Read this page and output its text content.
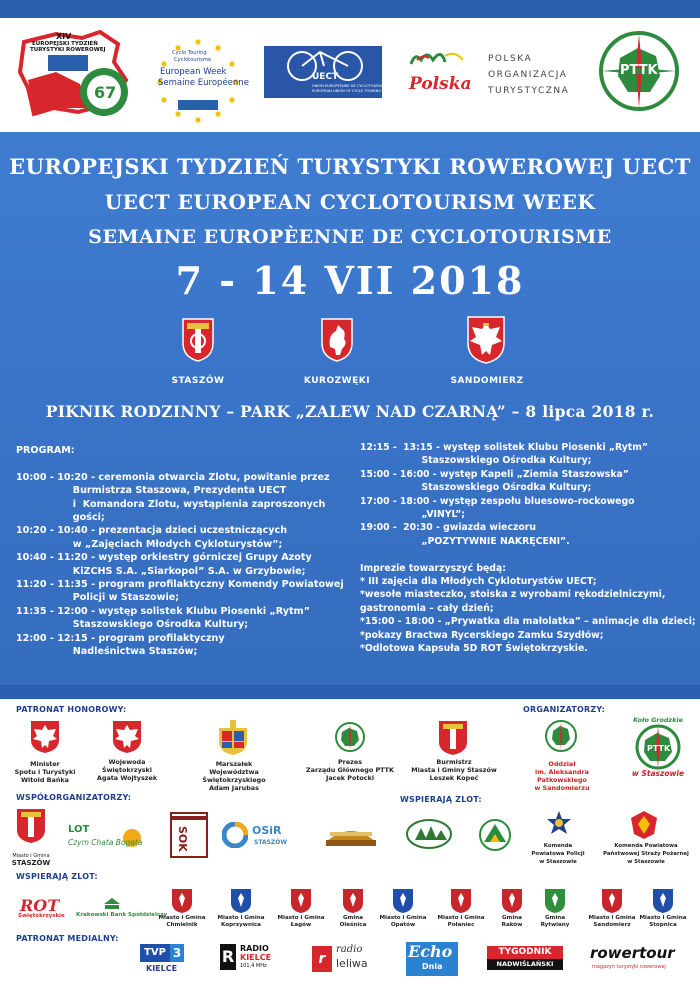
XIV
EUROPEJSKI TYDZIEŃ
TURYSTYKI ROWEROWEJ
67
Cyclo Touring
Cyclotourisme
European Week
Semaine Européenne
UECT
UNION EUROPÉENNE DE CYCLOTOURISME
EUROPEAN UNION OF CYCLE TOURING Polska
POLSKA
ORGANIZACJA
TURYSTYCZNA
PTTK
EUROPEJSKI TYDZIEŃ TURYSTYKI ROWEROWEJ UECT
UECT EUROPEAN CYCLOTOURISM WEEK
SEMAINE EUROPÈENNE DE CYCLOTOURISME
7 - 14 VII 2018
STASZÓW	KUROZWĘKI	SANDOMIERZ
PIKNIK RODZINNY – PARK „ZALEW NAD CZARNĄ” – 8 lipca 2018 r.
PROGRAM:
10:00 - 10:20 - ceremonia otwarcia Zlotu, powitanie przez
Burmistrza Staszowa, Prezydenta UECT
i  Komandora Zlotu, wystąpienia zaproszonych
gości;
10:20 - 10:40 - prezentacja dzieci uczestniczących
w „Zajęciach Młodych Cykloturystów”;
10:40 - 11:20 - występ orkiestry górniczej Grupy Azoty
KiZCHS S.A. „Siarkopol” S.A. w Grzybowie;
11:20 - 11:35 - program profilaktyczny Komendy Powiatowej
Policji w Staszowie;
11:35 - 12:00 - występ solistek Klubu Piosenki „Rytm”
Staszowskiego Ośrodka Kultury;
12:00 - 12:15 - program profilaktyczny
Nadleśnictwa Staszów;
12:15 -  13:15 - występ solistek Klubu Piosenki „Rytm”
Staszowskiego Ośrodka Kultury;
15:00 - 16:00 - występ Kapeli „Ziemia Staszowska”
Staszowskiego Ośrodka Kultury;
17:00 - 18:00 - występ zespołu bluesowo-rockowego
„VINYL”;
19:00 -  20:30 - gwiazda wieczoru
„POZYTYWNIE NAKRĘCENI”.
Imprezie towarzyszyć będą:
* III zajęcia dla Młodych Cykloturystów UECT;
*wesołe miasteczko, stoiska z wyrobami rękodzielniczymi,
gastronomia – cały dzień;
*15:00 - 18:00 - „Prywatka dla małolatka” – animacje dla dzieci;
*pokazy Bractwa Rycerskiego Zamku Szydłów;
*Odlotowa Kapsuła 5D ROT Świętokrzyskie.
PATRONAT HONOROWY:	ORGANIZATORZY:
Minister
Spotu i Turystyki
Witold Bańka
Wojewoda
Świętokrzyski
Agata Wojtyszek
Marszałek
Województwa Świętokrzyskiego
Adam Jarubas
Prezes
Zarządu Głównego PTTK
Jacek Potocki
Burmistrz
Miasta i Gminy Staszów
Leszek Kopeć
Oddział
im. Aleksandra Patkowskiego
w Sandomierzu
Koło Grodzkie
PTTK
w Staszowie
WSPÓŁORGANIZATORZY:	WSPIERAJĄ ZLOT:
Miasto i Gmina
STASZÓW
LOT
Czym Chata Bogata	SOK	OSiR
STASZÓW	Komenda
Powiatowa Policji
w Staszowie
Komenda Powiatowa
Państwowej Straży Pożarnej
w Staszowie
WSPIERAJĄ ZLOT:
ROT
Świętokrzyskie Krakowski Bank Spółdzielczy
Miasto i Gmina
Chmielnik
Miasto i Gmina
Koprzywnica
Miasto i Gmina
Łagów
Gmina
Oleśnica
Miasto i Gmina
Opatów
Miasto i Gmina
Połaniec
Gmina
Raków
Gmina
Rytwiany
Miasto i Gmina
Sandomierz
Miasto i Gmina
Stopnica
PATRONAT MEDIALNY:
TVP 3
KIELCE
R RADIO
KIELCE
101,4 MHz	r
radio
leliwa
Echo
Dnia
TYGODNIK
NADWIŚLAŃSKI
rowertour
magazyn turystyki rowerowej
